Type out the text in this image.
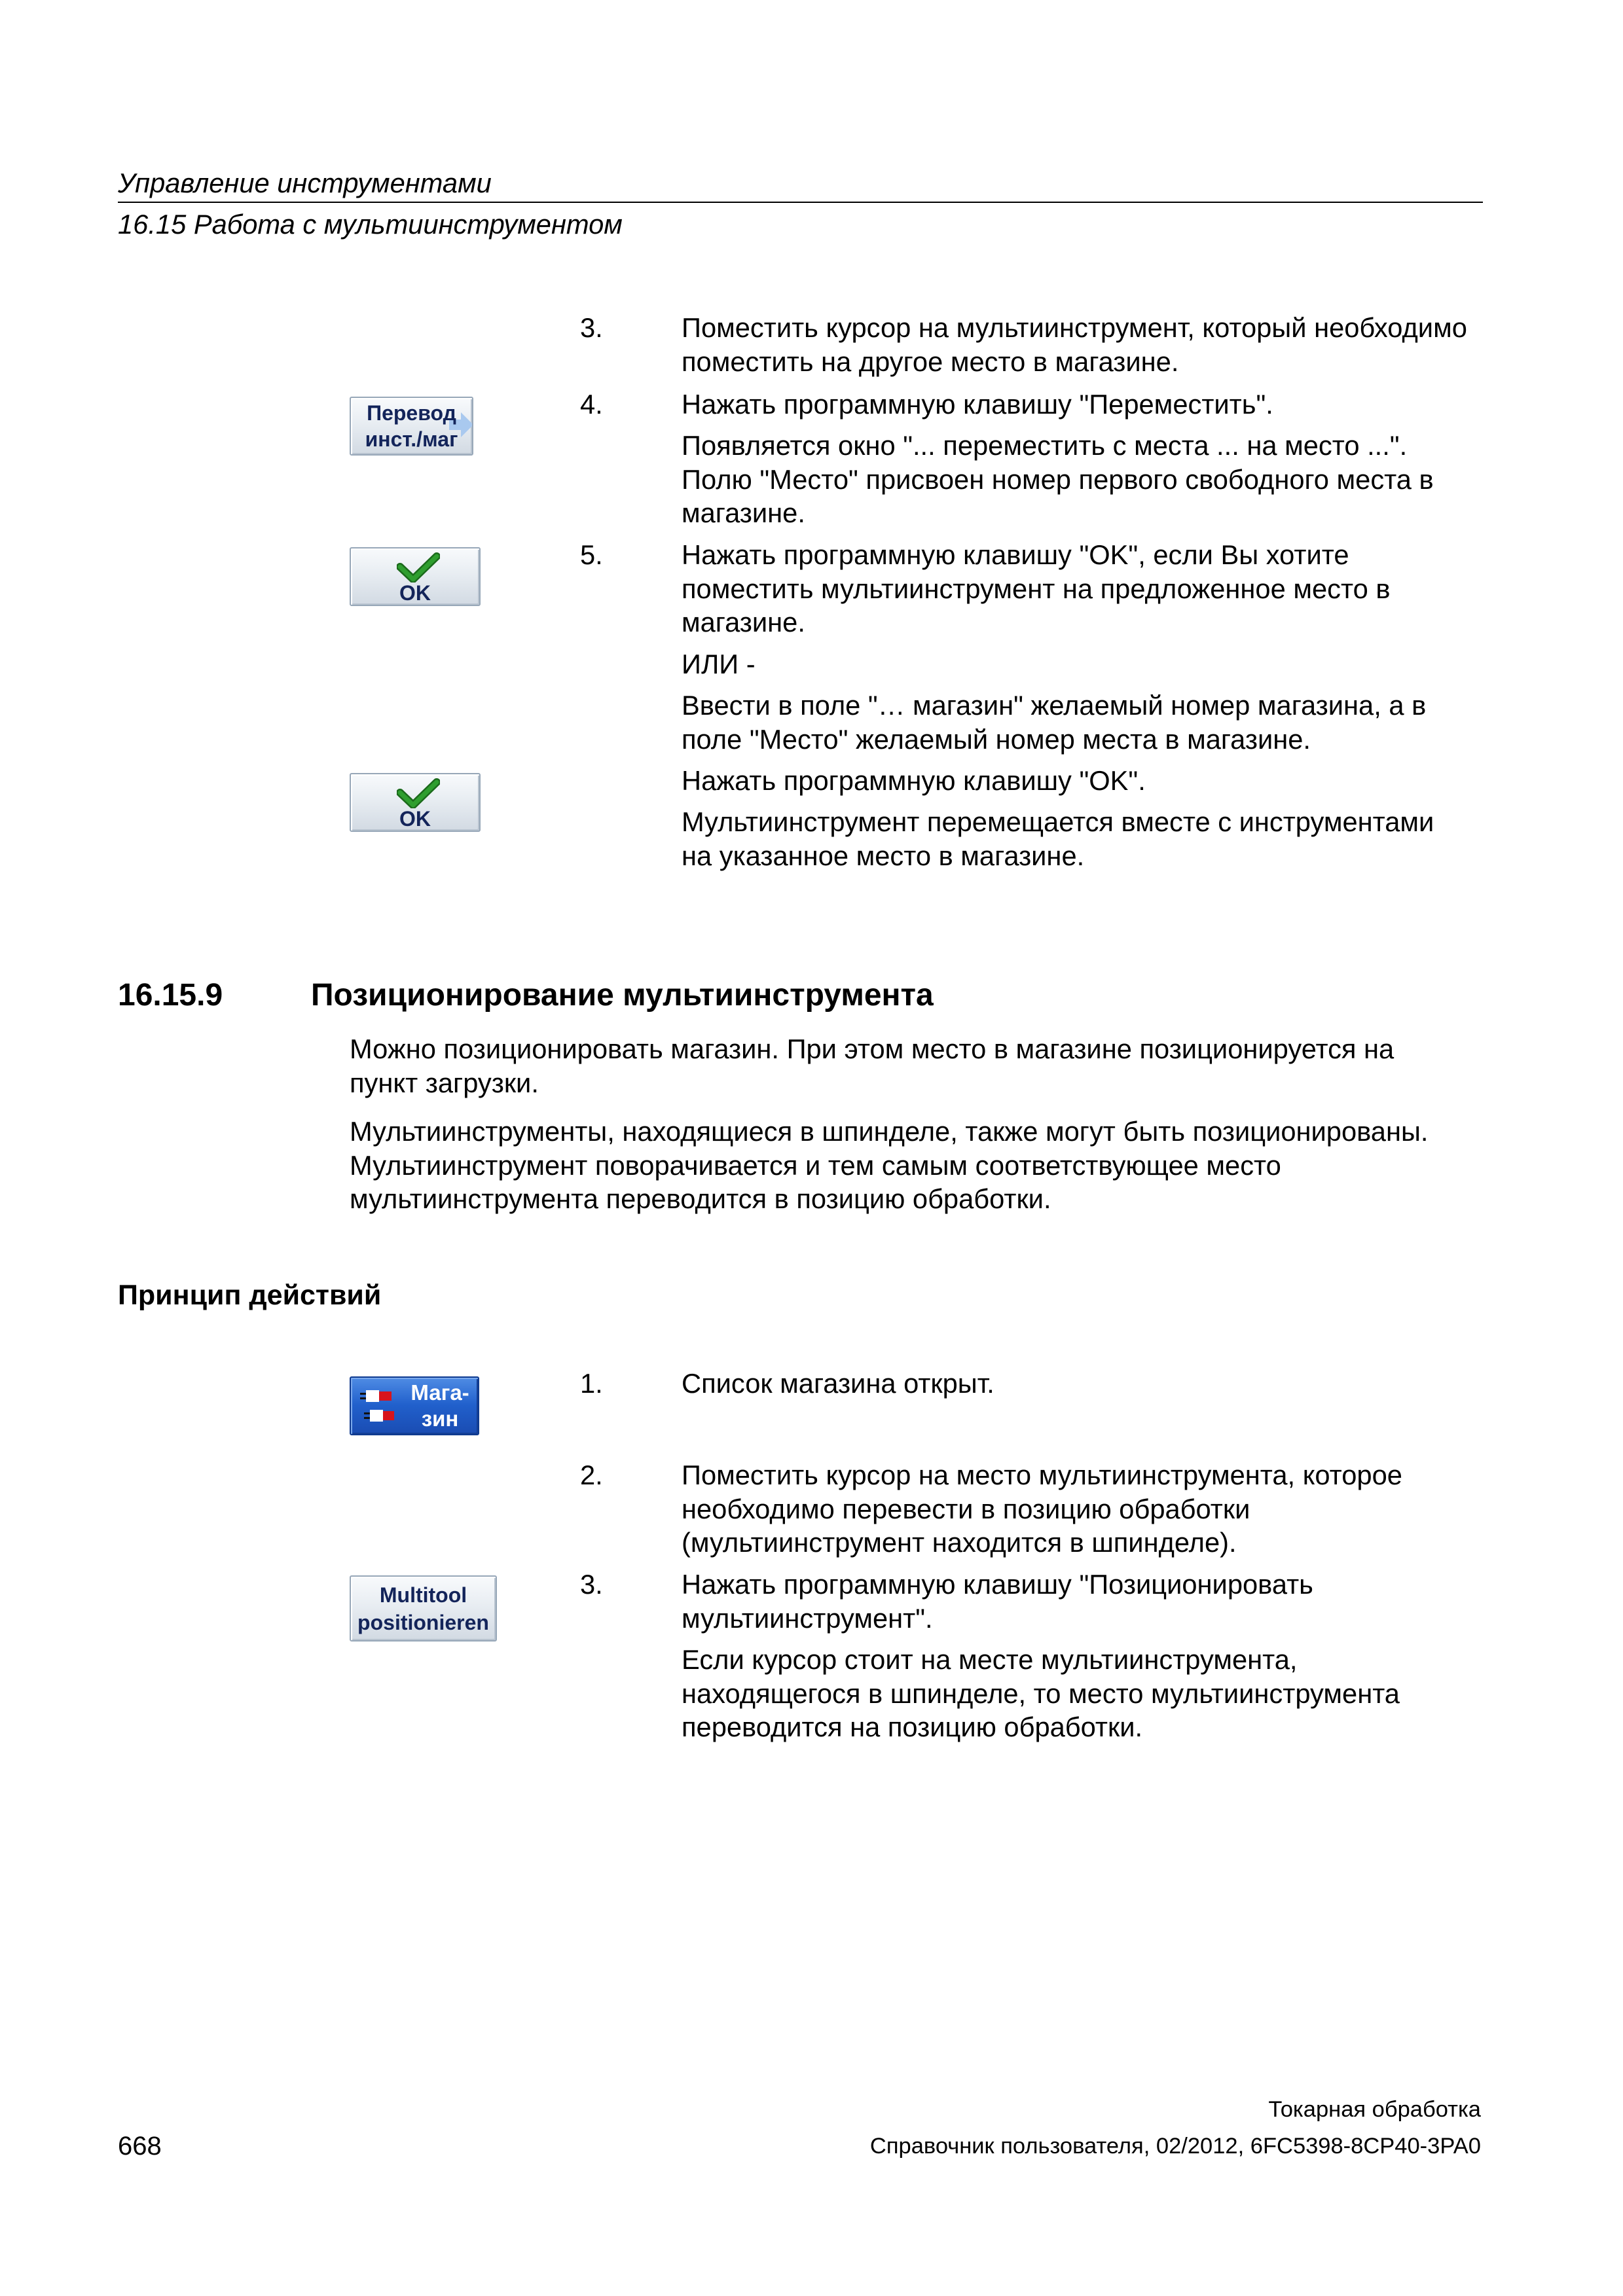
Управление инструментами
16.15 Работа с мультиинструментом
3.	Поместить курсор на мультиинструмент, который необходимо
поместить на другое место в магазине.
Перевод
инст./маг
4.	Нажать программную клавишу "Переместить".
Появляется окно "... переместить с места ... на место ...".
Полю "Место" присвоен номер первого свободного места в
магазине.
OK
5.	Нажать программную клавишу "OK", если Вы хотите
поместить мультиинструмент на предложенное место в
магазине.
ИЛИ -
Ввести в поле "… магазин" желаемый номер магазина, а в
поле "Место" желаемый номер места в магазине.
OK
Нажать программную клавишу "OK".
Мультиинструмент перемещается вместе с инструментами
на указанное место в магазине.
16.15.9	Позиционирование мультиинструмента

Можно позиционировать магазин. При этом место в магазине позиционируется на
пункт загрузки.

Мультиинструменты, находящиеся в шпинделе, также могут быть позиционированы.
Мультиинструмент поворачивается и тем самым соответствующее место
мультиинструмента переводится в позицию обработки.

Принцип действий
Мага-
зин
1.	Список магазина открыт.
2.	Поместить курсор на место мультиинструмента, которое
необходимо перевести в позицию обработки
(мультиинструмент находится в шпинделе).
Multitool
positionieren
3.	Нажать программную клавишу "Позиционировать
мультиинструмент".
Если курсор стоит на месте мультиинструмента,
находящегося в шпинделе, то место мультиинструмента
переводится на позицию обработки.
Токарная обработка
668	Справочник пользователя, 02/2012, 6FC5398-8CP40-3PA0
